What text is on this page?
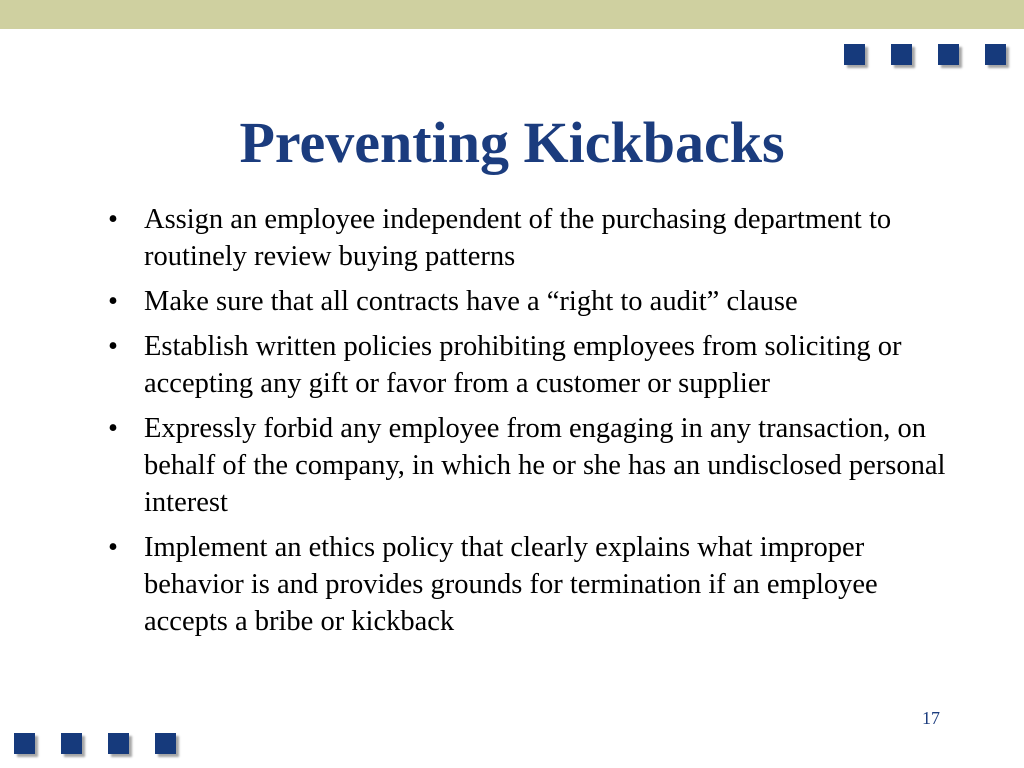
Preventing Kickbacks
• Assign an employee independent of the purchasing department to routinely review buying patterns
• Make sure that all contracts have a “right to audit” clause
• Establish written policies prohibiting employees from soliciting or accepting any gift or favor from a customer or supplier
• Expressly forbid any employee from engaging in any transaction, on behalf of the company, in which he or she has an undisclosed personal interest
• Implement an ethics policy that clearly explains what improper behavior is and provides grounds for termination if an employee accepts a bribe or kickback
17
